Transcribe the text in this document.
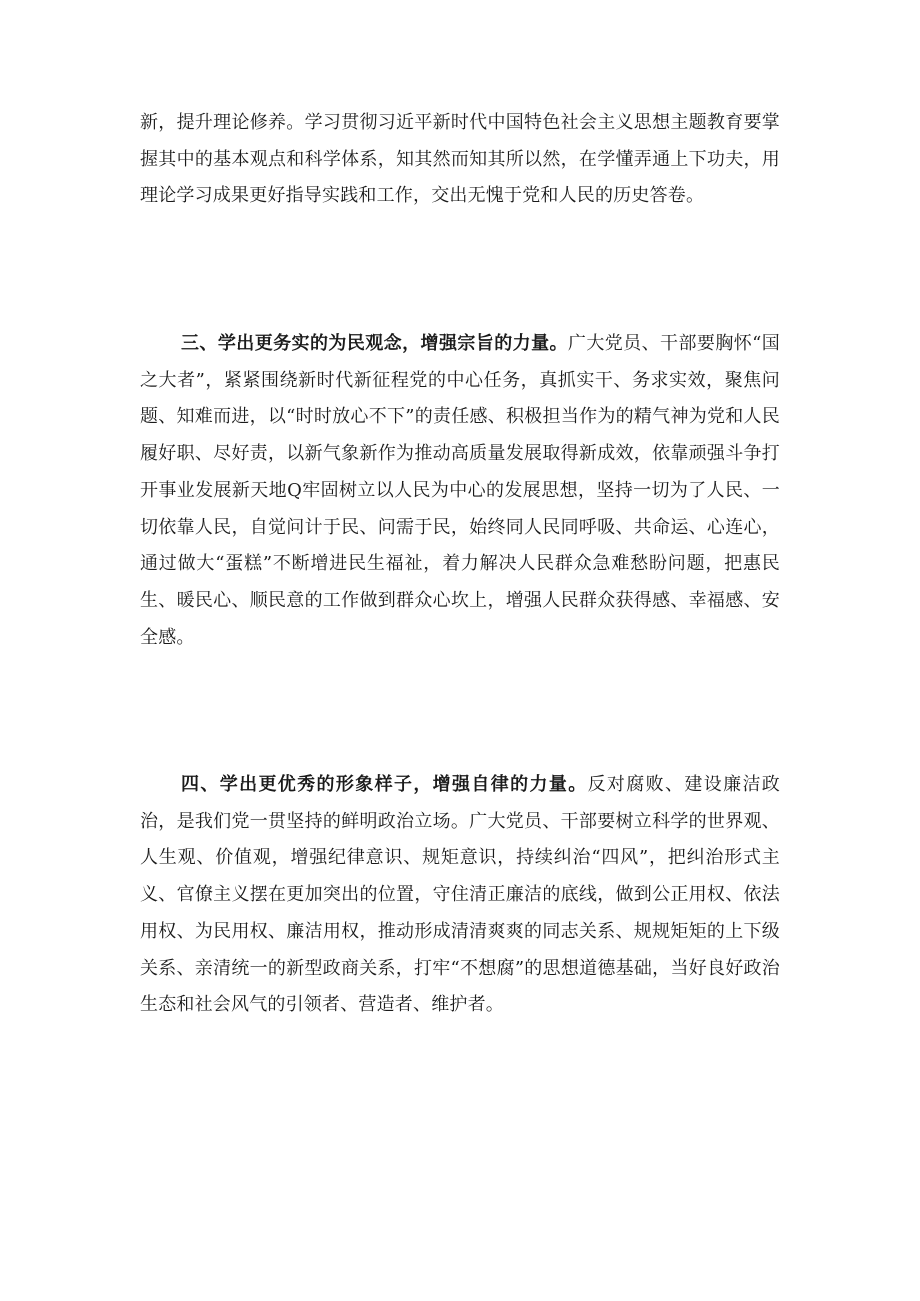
新，提升理论修养。学习贯彻习近平新时代中国特色社会主义思想主题教育要掌握其中的基本观点和科学体系，知其然而知其所以然，在学懂弄通上下功夫，用理论学习成果更好指导实践和工作，交出无愧于党和人民的历史答卷。

三、学出更务实的为民观念，增强宗旨的力量。广大党员、干部要胸怀“国之大者”，紧紧围绕新时代新征程党的中心任务，真抓实干、务求实效，聚焦问题、知难而进，以“时时放心不下”的责任感、积极担当作为的精气神为党和人民履好职、尽好责，以新气象新作为推动高质量发展取得新成效，依靠顽强斗争打开事业发展新天地Q牢固树立以人民为中心的发展思想，坚持一切为了人民、一切依靠人民，自觉问计于民、问需于民，始终同人民同呼吸、共命运、心连心，通过做大“蛋糕”不断增进民生福祉，着力解决人民群众急难愁盼问题，把惠民生、暖民心、顺民意的工作做到群众心坎上，增强人民群众获得感、幸福感、安全感。

四、学出更优秀的形象样子，增强自律的力量。反对腐败、建设廉洁政治，是我们党一贯坚持的鲜明政治立场。广大党员、干部要树立科学的世界观、人生观、价值观，增强纪律意识、规矩意识，持续纠治“四风”，把纠治形式主义、官僚主义摆在更加突出的位置，守住清正廉洁的底线，做到公正用权、依法用权、为民用权、廉洁用权，推动形成清清爽爽的同志关系、规规矩矩的上下级关系、亲清统一的新型政商关系，打牢“不想腐”的思想道德基础，当好良好政治生态和社会风气的引领者、营造者、维护者。
